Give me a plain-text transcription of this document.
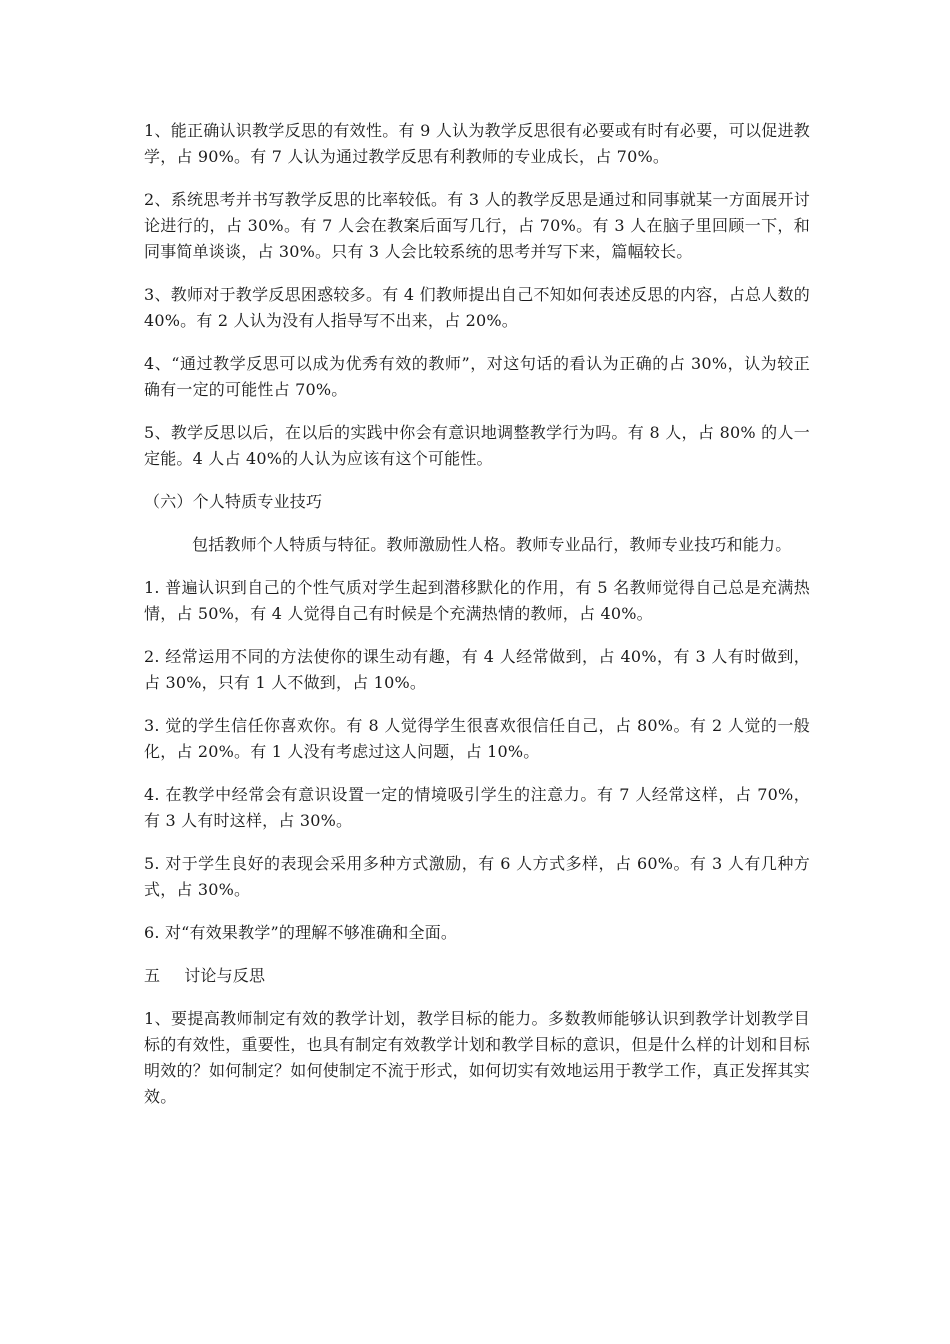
1、能正确认识教学反思的有效性。有 9 人认为教学反思很有必要或有时有必要，可以促进教学，占 90%。有 7 人认为通过教学反思有利教师的专业成长，占 70%。

2、系统思考并书写教学反思的比率较低。有 3 人的教学反思是通过和同事就某一方面展开讨论进行的，占 30%。有 7 人会在教案后面写几行，占 70%。有 3 人在脑子里回顾一下，和同事简单谈谈，占 30%。只有 3 人会比较系统的思考并写下来，篇幅较长。

3、教师对于教学反思困惑较多。有 4 们教师提出自己不知如何表述反思的内容，占总人数的 40%。有 2 人认为没有人指导写不出来，占 20%。

4、“通过教学反思可以成为优秀有效的教师”，对这句话的看认为正确的占 30%，认为较正确有一定的可能性占 70%。

5、教学反思以后，在以后的实践中你会有意识地调整教学行为吗。有 8 人，占 80% 的人一定能。4 人占 40%的人认为应该有这个可能性。

（六）个人特质专业技巧

包括教师个人特质与特征。教师激励性人格。教师专业品行，教师专业技巧和能力。

1. 普遍认识到自己的个性气质对学生起到潜移默化的作用，有 5 名教师觉得自己总是充满热情，占 50%，有 4 人觉得自己有时候是个充满热情的教师，占 40%。

2. 经常运用不同的方法使你的课生动有趣，有 4 人经常做到，占 40%，有 3 人有时做到，占 30%，只有 1 人不做到，占 10%。

3. 觉的学生信任你喜欢你。有 8 人觉得学生很喜欢很信任自己，占 80%。有 2 人觉的一般化，占 20%。有 1 人没有考虑过这人问题，占 10%。

4. 在教学中经常会有意识设置一定的情境吸引学生的注意力。有 7 人经常这样，占 70%，有 3 人有时这样，占 30%。

5. 对于学生良好的表现会采用多种方式激励，有 6 人方式多样，占 60%。有 3 人有几种方式，占 30%。

6. 对“有效果教学”的理解不够准确和全面。

五 讨论与反思

1、要提高教师制定有效的教学计划，教学目标的能力。多数教师能够认识到教学计划教学目标的有效性，重要性，也具有制定有效教学计划和教学目标的意识，但是什么样的计划和目标明效的？如何制定？如何使制定不流于形式，如何切实有效地运用于教学工作，真正发挥其实效。
